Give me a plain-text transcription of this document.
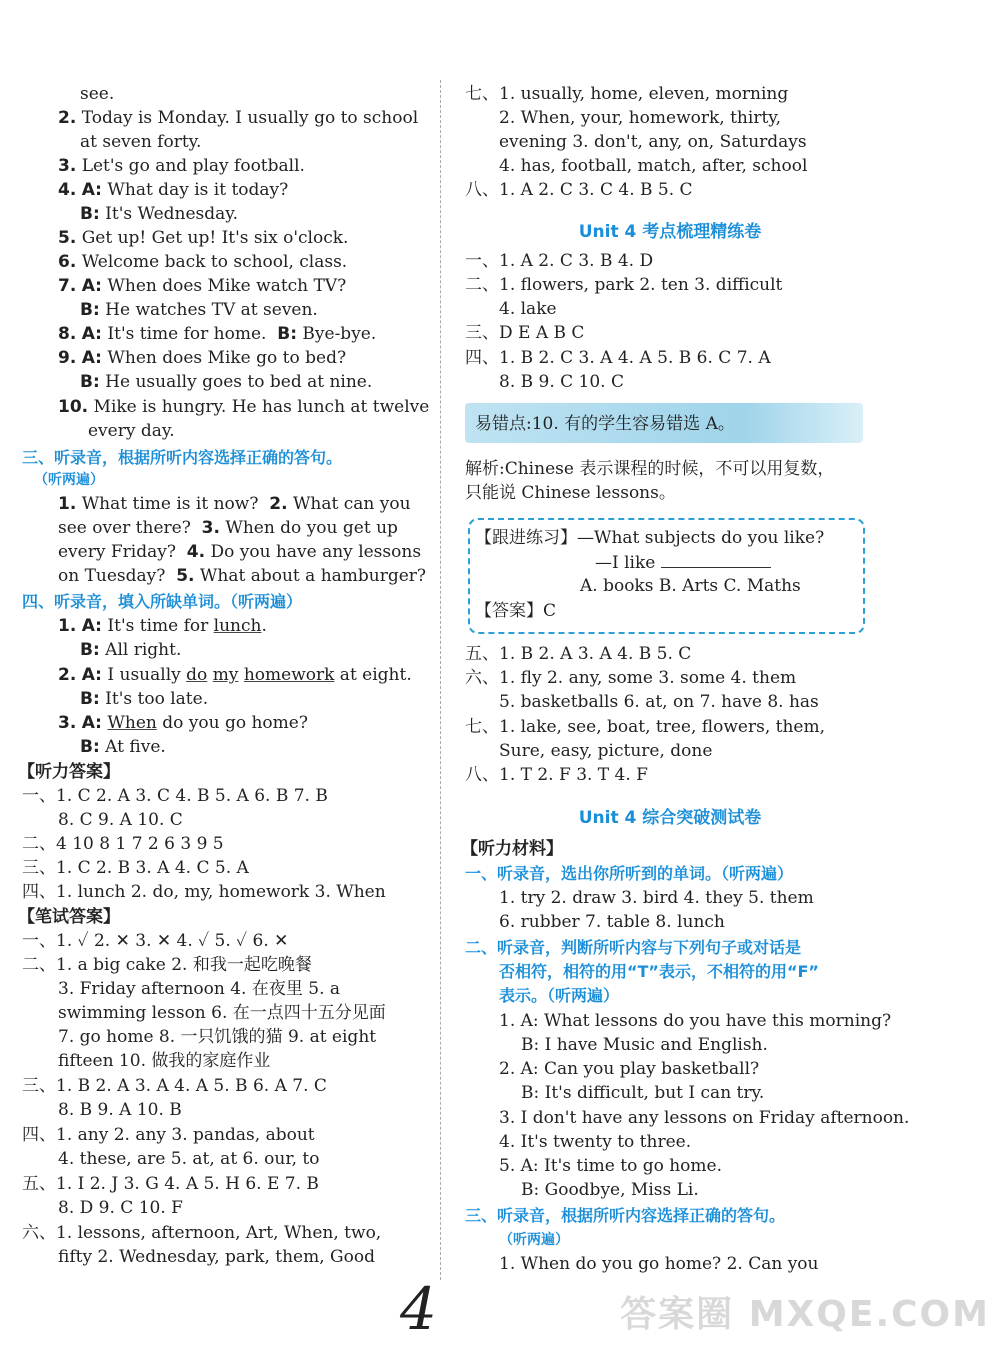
see.
2. Today is Monday. I usually go to school
at seven forty.
3. Let's go and play football.
4. A: What day is it today?
B: It's Wednesday.
5. Get up! Get up! It's six o'clock.
6. Welcome back to school, class.
7. A: When does Mike watch TV?
B: He watches TV at seven.
8. A: It's time for home. B: Bye-bye.
9. A: When does Mike go to bed?
B: He usually goes to bed at nine.
10. Mike is hungry. He has lunch at twelve
every day.
三、听录音，根据所听内容选择正确的答句。
（听两遍）
1. What time is it now? 2. What can you
see over there? 3. When do you get up
every Friday? 4. Do you have any lessons
on Tuesday? 5. What about a hamburger?
四、听录音，填入所缺单词。（听两遍）
1. A: It's time for lunch.
B: All right.
2. A: I usually do my homework at eight.
B: It's too late.
3. A: When do you go home?
B: At five.
【听力答案】
一、1. C 2. A 3. C 4. B 5. A 6. B 7. B
8. C 9. A 10. C
二、4 10 8 1 7 2 6 3 9 5
三、1. C 2. B 3. A 4. C 5. A
四、1. lunch 2. do, my, homework 3. When
【笔试答案】
一、1. ✓ 2. ✕ 3. ✕ 4. ✓ 5. ✓ 6. ✕
二、1. a big cake 2. 和我一起吃晚餐
3. Friday afternoon 4. 在夜里 5. a
swimming lesson 6. 在一点四十五分见面
7. go home 8. 一只饥饿的猫 9. at eight
fifteen 10. 做我的家庭作业
三、1. B 2. A 3. A 4. A 5. B 6. A 7. C
8. B 9. A 10. B
四、1. any 2. any 3. pandas, about
4. these, are 5. at, at 6. our, to
五、1. I 2. J 3. G 4. A 5. H 6. E 7. B
8. D 9. C 10. F
六、1. lessons, afternoon, Art, When, two,
fifty 2. Wednesday, park, them, Good
七、1. usually, home, eleven, morning
2. When, your, homework, thirty,
evening 3. don't, any, on, Saturdays
4. has, football, match, after, school
八、1. A 2. C 3. C 4. B 5. C
Unit 4 考点梳理精练卷
一、1. A 2. C 3. B 4. D
二、1. flowers, park 2. ten 3. difficult
4. lake
三、D E A B C
四、1. B 2. C 3. A 4. A 5. B 6. C 7. A
8. B 9. C 10. C
易错点:10. 有的学生容易错选 A。
解析:Chinese 表示课程的时候，不可以用复数，
只能说 Chinese lessons。
【跟进练习】—What subjects do you like?
—I like
A. books B. Arts C. Maths
【答案】C
五、1. B 2. A 3. A 4. B 5. C
六、1. fly 2. any, some 3. some 4. them
5. basketballs 6. at, on 7. have 8. has
七、1. lake, see, boat, tree, flowers, them,
Sure, easy, picture, done
八、1. T 2. F 3. T 4. F
Unit 4 综合突破测试卷
【听力材料】
一、听录音，选出你所听到的单词。（听两遍）
1. try 2. draw 3. bird 4. they 5. them
6. rubber 7. table 8. lunch
二、听录音，判断所听内容与下列句子或对话是
否相符，相符的用“T”表示，不相符的用“F”
表示。（听两遍）
1. A: What lessons do you have this morning?
B: I have Music and English.
2. A: Can you play basketball?
B: It's difficult, but I can try.
3. I don't have any lessons on Friday afternoon.
4. It's twenty to three.
5. A: It's time to go home.
B: Goodbye, Miss Li.
三、听录音，根据所听内容选择正确的答句。
（听两遍）
1. When do you go home? 2. Can you
4	答案圈 MXQE.COM
